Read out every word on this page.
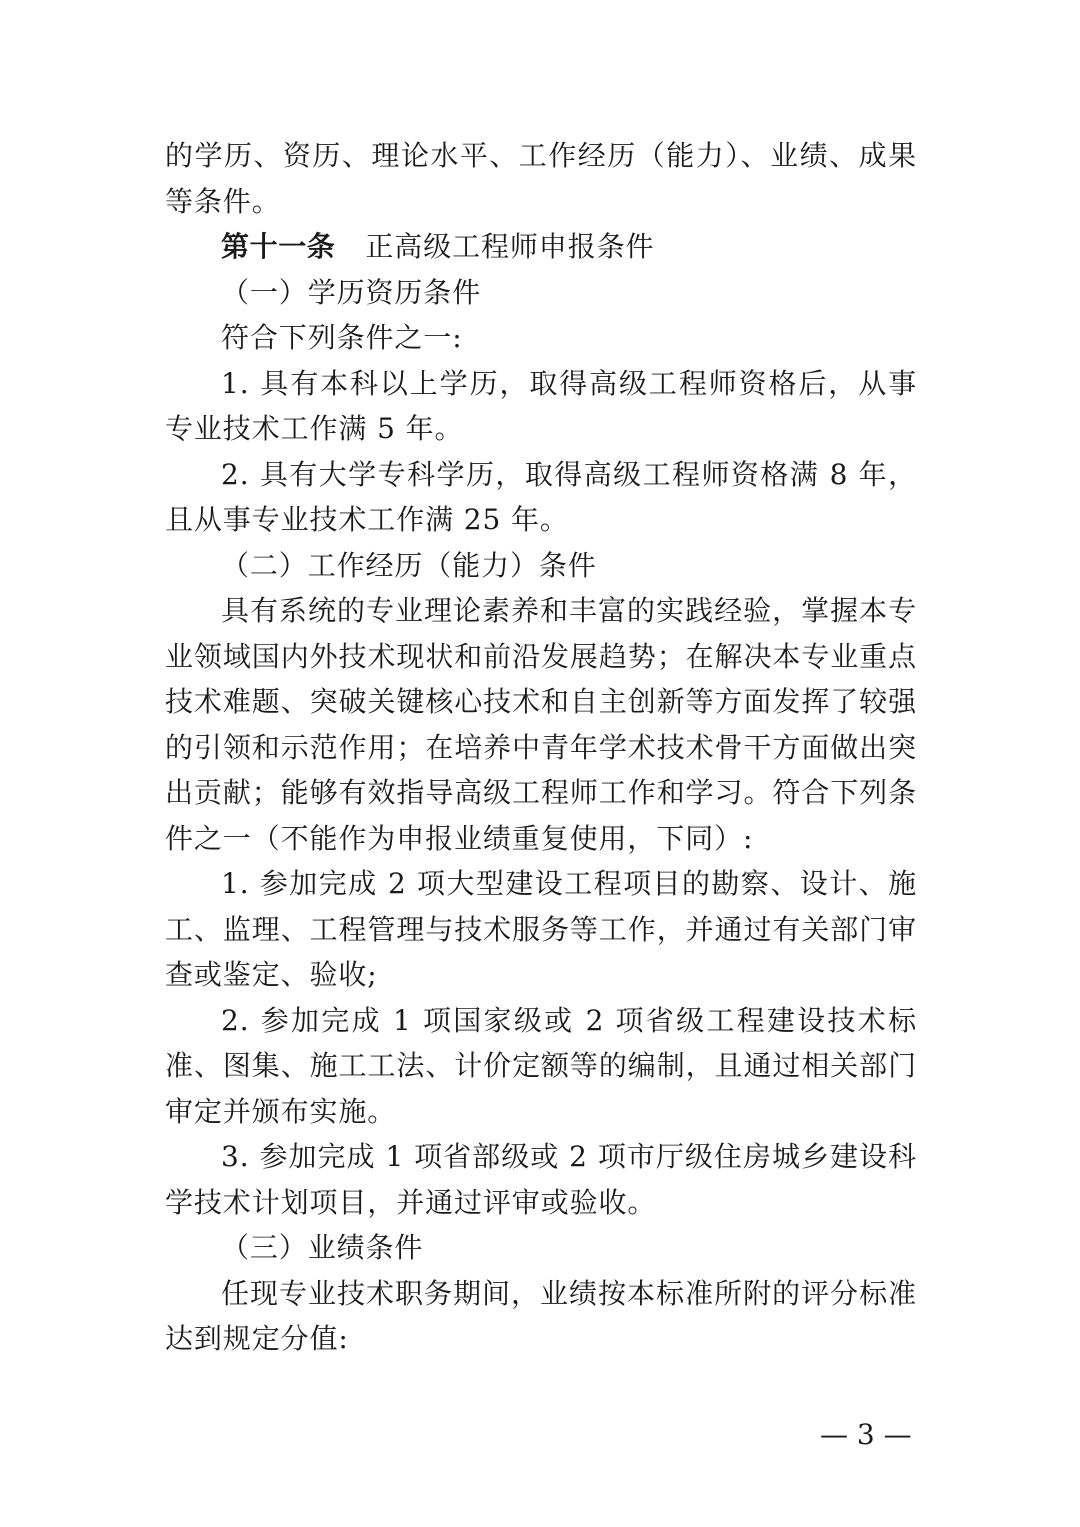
的学历、资历、理论水平、工作经历（能力）、业绩、成果等条件。

第十一条 正高级工程师申报条件

（一）学历资历条件

符合下列条件之一:

1. 具有本科以上学历，取得高级工程师资格后，从事专业技术工作满 5 年。

2. 具有大学专科学历，取得高级工程师资格满 8 年，且从事专业技术工作满 25 年。

（二）工作经历（能力）条件

具有系统的专业理论素养和丰富的实践经验，掌握本专业领域国内外技术现状和前沿发展趋势；在解决本专业重点技术难题、突破关键核心技术和自主创新等方面发挥了较强的引领和示范作用；在培养中青年学术技术骨干方面做出突出贡献；能够有效指导高级工程师工作和学习。符合下列条件之一（不能作为申报业绩重复使用，下同）:

1. 参加完成 2 项大型建设工程项目的勘察、设计、施工、监理、工程管理与技术服务等工作，并通过有关部门审查或鉴定、验收;

2. 参加完成 1 项国家级或 2 项省级工程建设技术标准、图集、施工工法、计价定额等的编制，且通过相关部门审定并颁布实施。

3. 参加完成 1 项省部级或 2 项市厅级住房城乡建设科学技术计划项目，并通过评审或验收。

（三）业绩条件

任现专业技术职务期间，业绩按本标准所附的评分标准达到规定分值:

— 3 —
